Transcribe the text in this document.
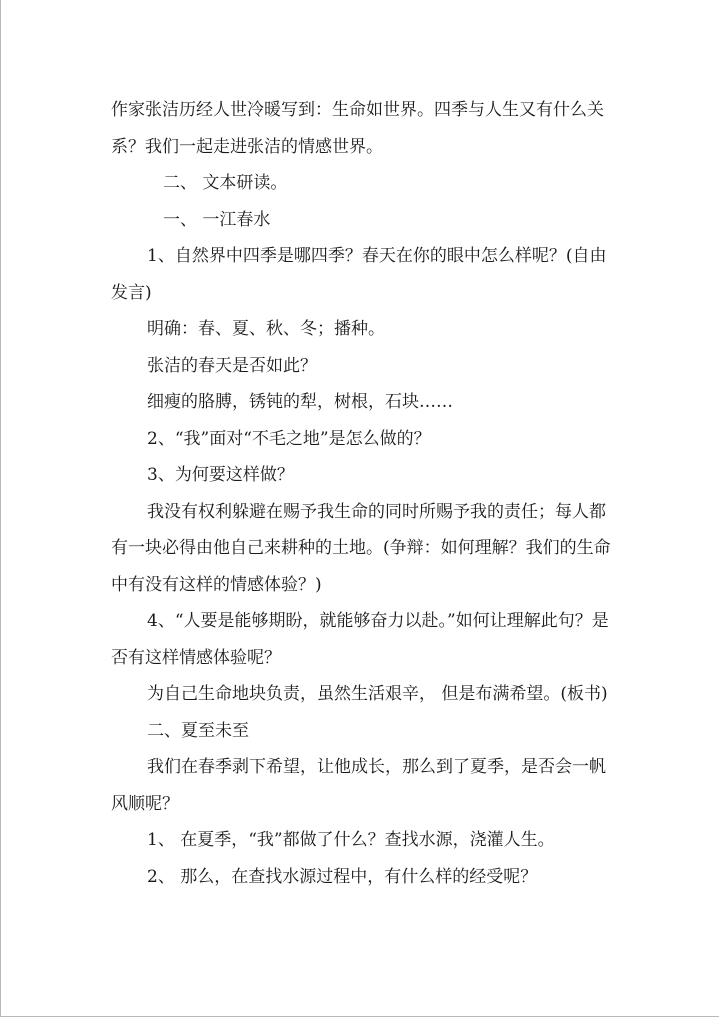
作家张洁历经人世冷暖写到：生命如世界。四季与人生又有什么关系？我们一起走进张洁的情感世界。

二、 文本研读。

一、 一江春水

1、自然界中四季是哪四季？春天在你的眼中怎么样呢？(自由发言)

明确：春、夏、秋、冬；播种。

张洁的春天是否如此？

细瘦的胳膊，锈钝的犁，树根，石块……

2、“我”面对“不毛之地”是怎么做的？

3、为何要这样做？

我没有权利躲避在赐予我生命的同时所赐予我的责任；每人都有一块必得由他自己来耕种的土地。(争辩：如何理解？我们的生命中有没有这样的情感体验？)

4、“人要是能够期盼，就能够奋力以赴。”如何让理解此句？是否有这样情感体验呢？

为自己生命地块负责，虽然生活艰辛， 但是布满希望。(板书)

二、夏至未至

我们在春季剥下希望，让他成长，那么到了夏季，是否会一帆风顺呢？

1、 在夏季，“我”都做了什么？查找水源，浇灌人生。

2、 那么，在查找水源过程中，有什么样的经受呢？
